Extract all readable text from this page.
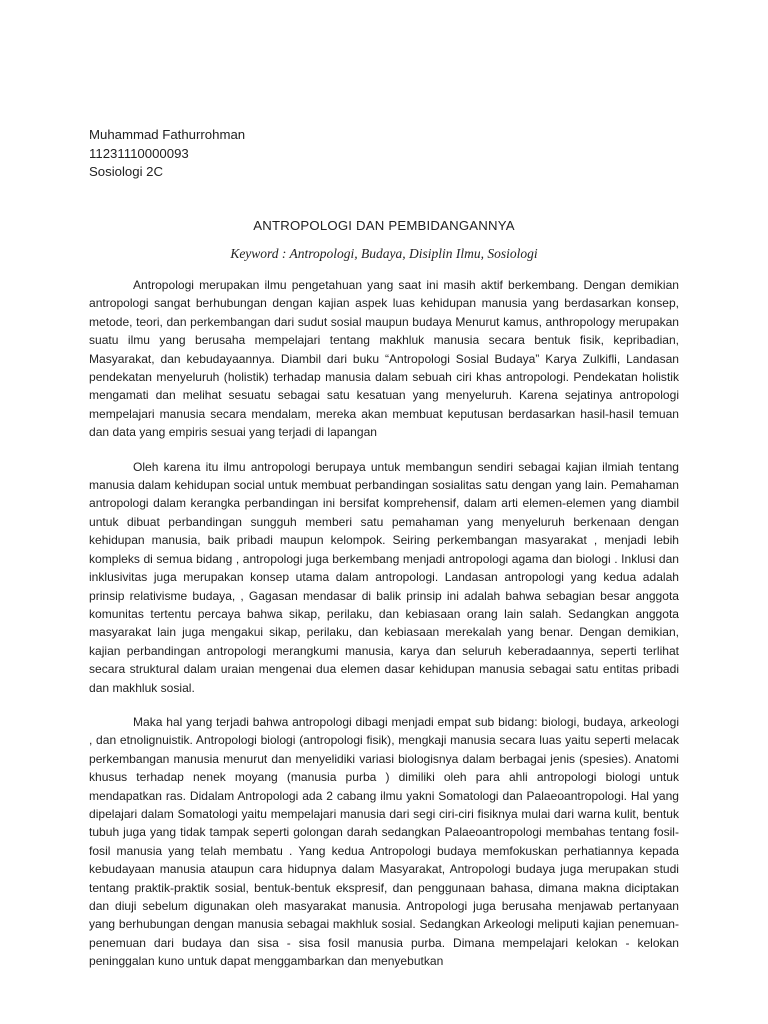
Muhammad Fathurrohman
11231110000093
Sosiologi 2C
ANTROPOLOGI DAN PEMBIDANGANNYA
Keyword : Antropologi, Budaya, Disiplin Ilmu, Sosiologi

Antropologi merupakan ilmu pengetahuan yang saat ini masih aktif berkembang. Dengan demikian antropologi sangat berhubungan dengan kajian aspek luas kehidupan manusia yang berdasarkan konsep, metode, teori, dan perkembangan dari sudut sosial maupun budaya Menurut kamus, anthropology merupakan suatu ilmu yang berusaha mempelajari tentang makhluk manusia secara bentuk fisik, kepribadian, Masyarakat, dan kebudayaannya. Diambil dari buku “Antropologi Sosial Budaya” Karya Zulkifli, Landasan pendekatan menyeluruh (holistik) terhadap manusia dalam sebuah ciri khas antropologi. Pendekatan holistik mengamati dan melihat sesuatu sebagai satu kesatuan yang menyeluruh. Karena sejatinya antropologi mempelajari manusia secara mendalam, mereka akan membuat keputusan berdasarkan hasil-hasil temuan dan data yang empiris sesuai yang terjadi di lapangan

Oleh karena itu ilmu antropologi berupaya untuk membangun sendiri sebagai kajian ilmiah tentang manusia dalam kehidupan social untuk membuat perbandingan sosialitas satu dengan yang lain. Pemahaman antropologi dalam kerangka perbandingan ini bersifat komprehensif, dalam arti elemen-elemen yang diambil untuk dibuat perbandingan sungguh memberi satu pemahaman yang menyeluruh berkenaan dengan kehidupan manusia, baik pribadi maupun kelompok. Seiring perkembangan masyarakat , menjadi lebih kompleks di semua bidang , antropologi juga berkembang menjadi antropologi agama dan biologi . Inklusi dan inklusivitas juga merupakan konsep utama dalam antropologi. Landasan antropologi yang kedua adalah prinsip relativisme budaya, , Gagasan mendasar di balik prinsip ini adalah bahwa sebagian besar anggota komunitas tertentu percaya bahwa sikap, perilaku, dan kebiasaan orang lain salah. Sedangkan anggota masyarakat lain juga mengakui sikap, perilaku, dan kebiasaan merekalah yang benar. Dengan demikian, kajian perbandingan antropologi merangkumi manusia, karya dan seluruh keberadaannya, seperti terlihat secara struktural dalam uraian mengenai dua elemen dasar kehidupan manusia sebagai satu entitas pribadi dan makhluk sosial.

Maka hal yang terjadi bahwa antropologi dibagi menjadi empat sub bidang: biologi, budaya, arkeologi , dan etnolignuistik. Antropologi biologi (antropologi fisik), mengkaji manusia secara luas yaitu seperti melacak perkembangan manusia menurut dan menyelidiki variasi biologisnya dalam berbagai jenis (spesies). Anatomi khusus terhadap nenek moyang (manusia purba ) dimiliki oleh para ahli antropologi biologi untuk mendapatkan ras. Didalam Antropologi ada 2 cabang ilmu yakni Somatologi dan Palaeoantropologi. Hal yang dipelajari dalam Somatologi yaitu mempelajari manusia dari segi ciri-ciri fisiknya mulai dari warna kulit, bentuk tubuh juga yang tidak tampak seperti golongan darah sedangkan Palaeoantropologi membahas tentang fosil-fosil manusia yang telah membatu . Yang kedua Antropologi budaya memfokuskan perhatiannya kepada kebudayaan manusia ataupun cara hidupnya dalam Masyarakat, Antropologi budaya juga merupakan studi tentang praktik-praktik sosial, bentuk-bentuk ekspresif, dan penggunaan bahasa, dimana makna diciptakan dan diuji sebelum digunakan oleh masyarakat manusia. Antropologi juga berusaha menjawab pertanyaan yang berhubungan dengan manusia sebagai makhluk sosial. Sedangkan Arkeologi meliputi kajian penemuan-penemuan dari budaya dan sisa - sisa fosil manusia purba. Dimana mempelajari kelokan - kelokan peninggalan kuno untuk dapat menggambarkan dan menyebutkan
